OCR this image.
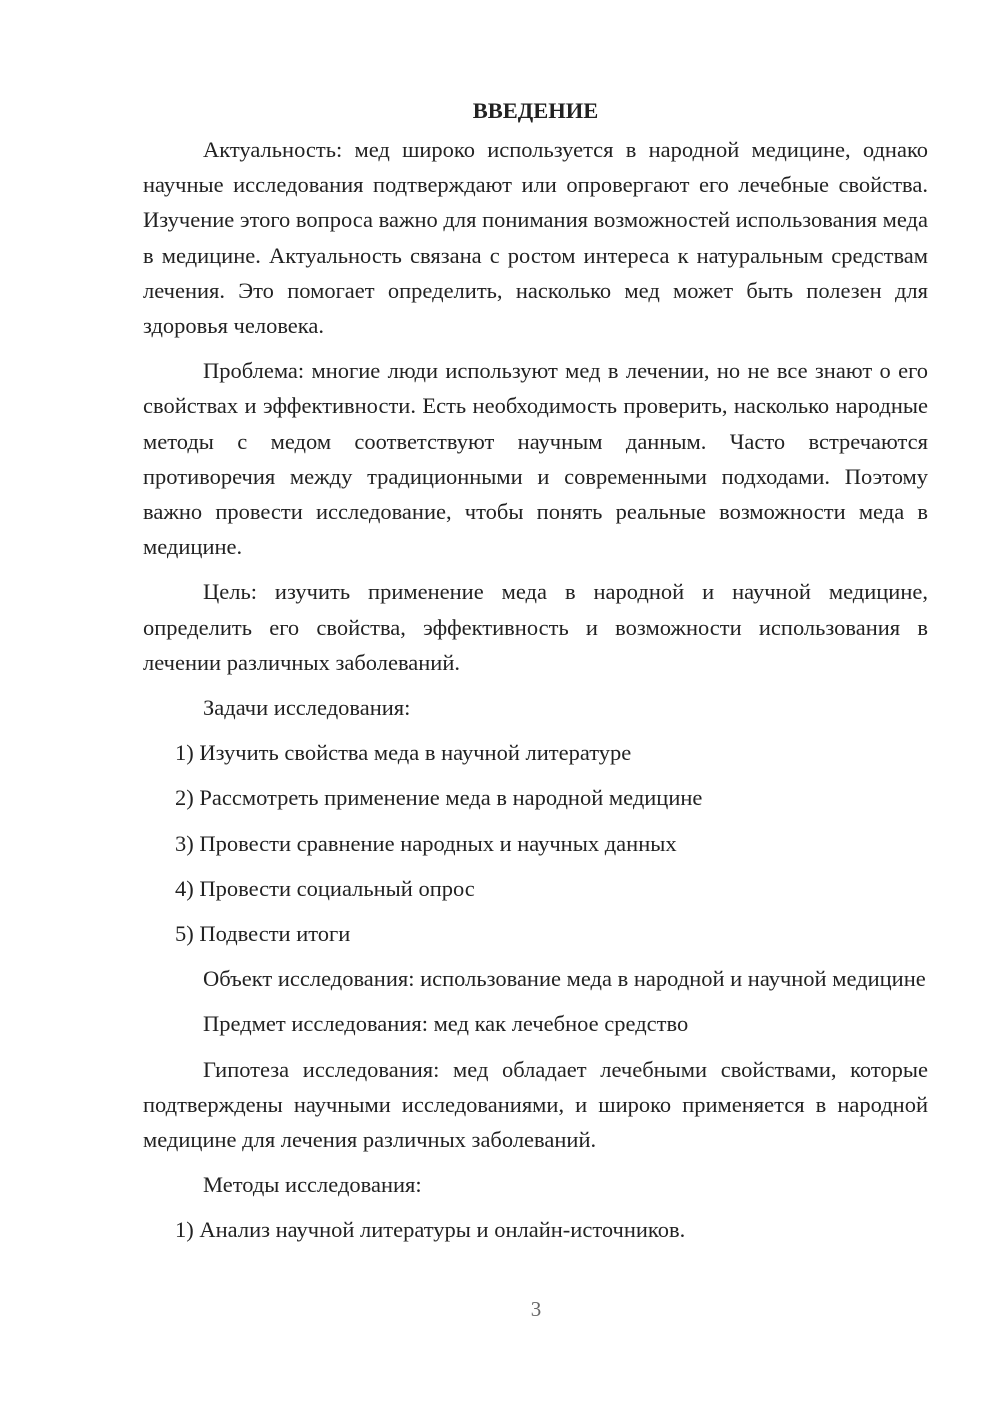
ВВЕДЕНИЕ

Актуальность: мед широко используется в народной медицине, однако научные исследования подтверждают или опровергают его лечебные свойства. Изучение этого вопроса важно для понимания возможностей использования меда в медицине. Актуальность связана с ростом интереса к натуральным средствам лечения. Это помогает определить, насколько мед может быть полезен для здоровья человека.

Проблема: многие люди используют мед в лечении, но не все знают о его свойствах и эффективности. Есть необходимость проверить, насколько народные методы с медом соответствуют научным данным. Часто встречаются противоречия между традиционными и современными подходами. Поэтому важно провести исследование, чтобы понять реальные возможности меда в медицине.

Цель: изучить применение меда в народной и научной медицине, определить его свойства, эффективность и возможности использования в лечении различных заболеваний.

Задачи исследования:

1) Изучить свойства меда в научной литературе

2) Рассмотреть применение меда в народной медицине

3) Провести сравнение народных и научных данных

4) Провести социальный опрос

5) Подвести итоги

Объект исследования: использование меда в народной и научной медицине

Предмет исследования: мед как лечебное средство

Гипотеза исследования: мед обладает лечебными свойствами, которые подтверждены научными исследованиями, и широко применяется в народной медицине для лечения различных заболеваний.

Методы исследования:

1) Анализ научной литературы и онлайн-источников.

3
